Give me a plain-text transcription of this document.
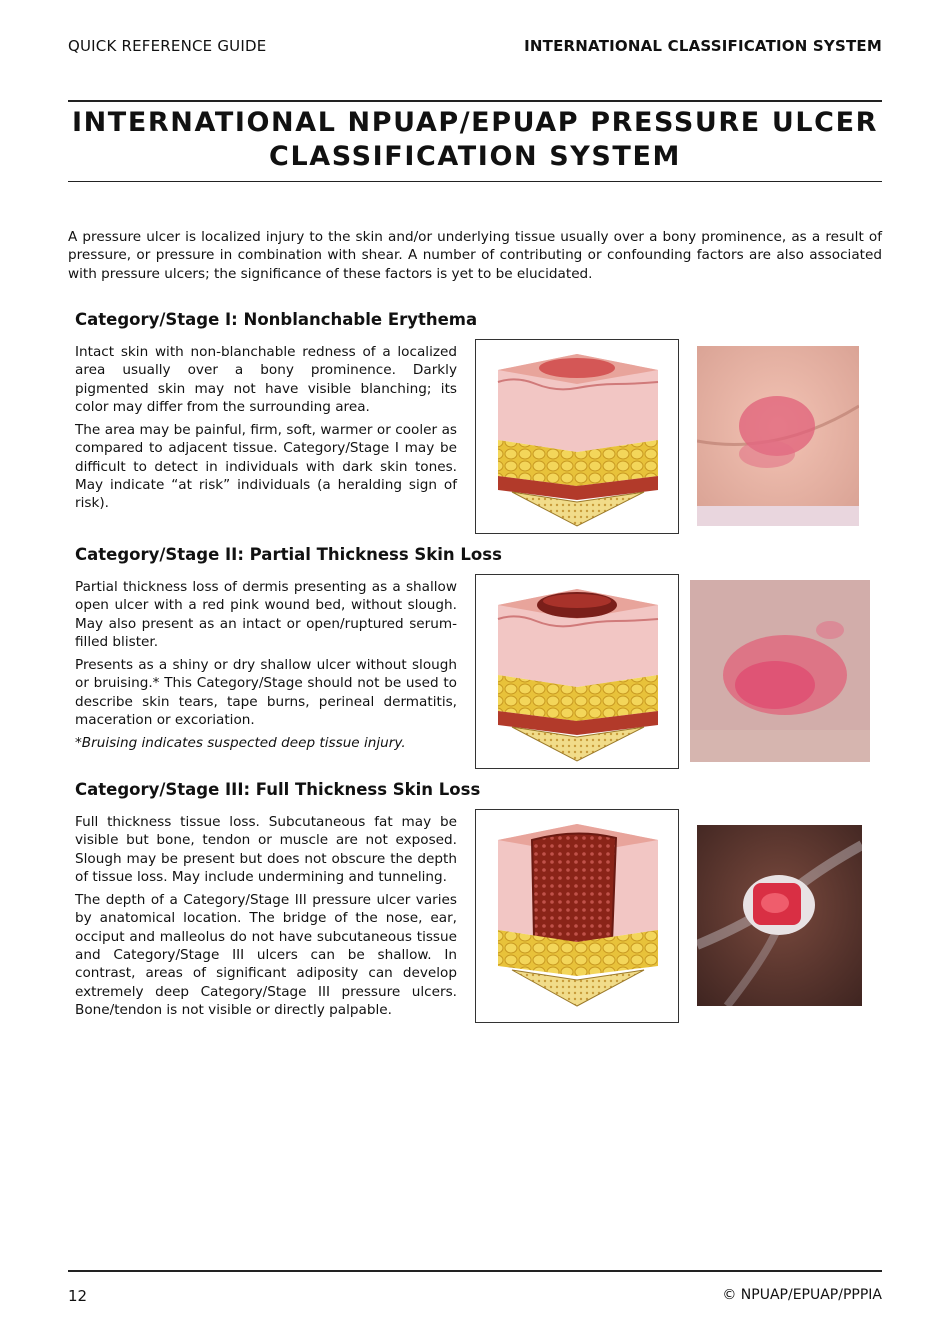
QUICK REFERENCE GUIDE	INTERNATIONAL CLASSIFICATION SYSTEM
INTERNATIONAL NPUAP/EPUAP PRESSURE ULCER
CLASSIFICATION SYSTEM
A pressure ulcer is localized injury to the skin and/or underlying tissue usually over a bony prominence, as a result of pressure, or pressure in combination with shear. A number of contributing or confounding factors are also associated with pressure ulcers; the significance of these factors is yet to be elucidated.
Category/Stage I: Nonblanchable Erythema

Intact skin with non-blanchable redness of a localized area usually over a bony prominence. Darkly pigmented skin may not have visible blanching; its color may differ from the surrounding area.

The area may be painful, firm, soft, warmer or cooler as compared to adjacent tissue. Category/Stage I may be difficult to detect in individuals with dark skin tones. May indicate “at risk” individuals (a heralding sign of risk).

Category/Stage II: Partial Thickness Skin Loss

Partial thickness loss of dermis presenting as a shallow open ulcer with a red pink wound bed, without slough. May also present as an intact or open/ruptured serum-filled blister.

Presents as a shiny or dry shallow ulcer without slough or bruising.* This Category/Stage should not be used to describe skin tears, tape burns, perineal dermatitis, maceration or excoriation.

*Bruising indicates suspected deep tissue injury.

Category/Stage III: Full Thickness Skin Loss

Full thickness tissue loss. Subcutaneous fat may be visible but bone, tendon or muscle are not exposed. Slough may be present but does not obscure the depth of tissue loss. May include undermining and tunneling.

The depth of a Category/Stage III pressure ulcer varies by anatomical location. The bridge of the nose, ear, occiput and malleolus do not have subcutaneous tissue and Category/Stage III ulcers can be shallow. In contrast, areas of significant adiposity can develop extremely deep Category/Stage III pressure ulcers. Bone/tendon is not visible or directly palpable.

12	© NPUAP/EPUAP/PPPIA
